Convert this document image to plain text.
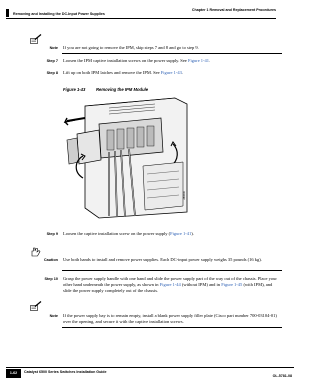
Chapter 1 Removal and Replacement Procedures
Removing and Installing the DC-Input Power Supplies
Note If you are not going to remove the IPM, skip steps 7 and 8 and go to step 9.
Step 7 Loosen the IPM captive installation screws on the power supply. See Figure 1-41.
Step 8 Lift up on both IPM latches and remove the IPM. See Figure 1-43.
Figure 1-43	Removing the IPM Module
280600
Step 9 Loosen the captive installation screw on the power supply (Figure 1-41).
Caution Use both hands to install and remove power supplies. Each DC-input power supply weighs 35 pounds (16 kg).
Step 10 Grasp the power supply handle with one hand and slide the power supply part of the way out of the chassis. Place your other hand underneath the power supply, as shown in Figure 1-44 (without IPM) and in Figure 1-45 (with IPM), and slide the power supply completely out of the chassis.
Note If the power supply bay is to remain empty, install a blank power supply filler plate (Cisco part number 700-03104-01) over the opening, and secure it with the captive installation screws.
1-62	Catalyst 6500 Series Switches Installation Guide
OL-5781-08
